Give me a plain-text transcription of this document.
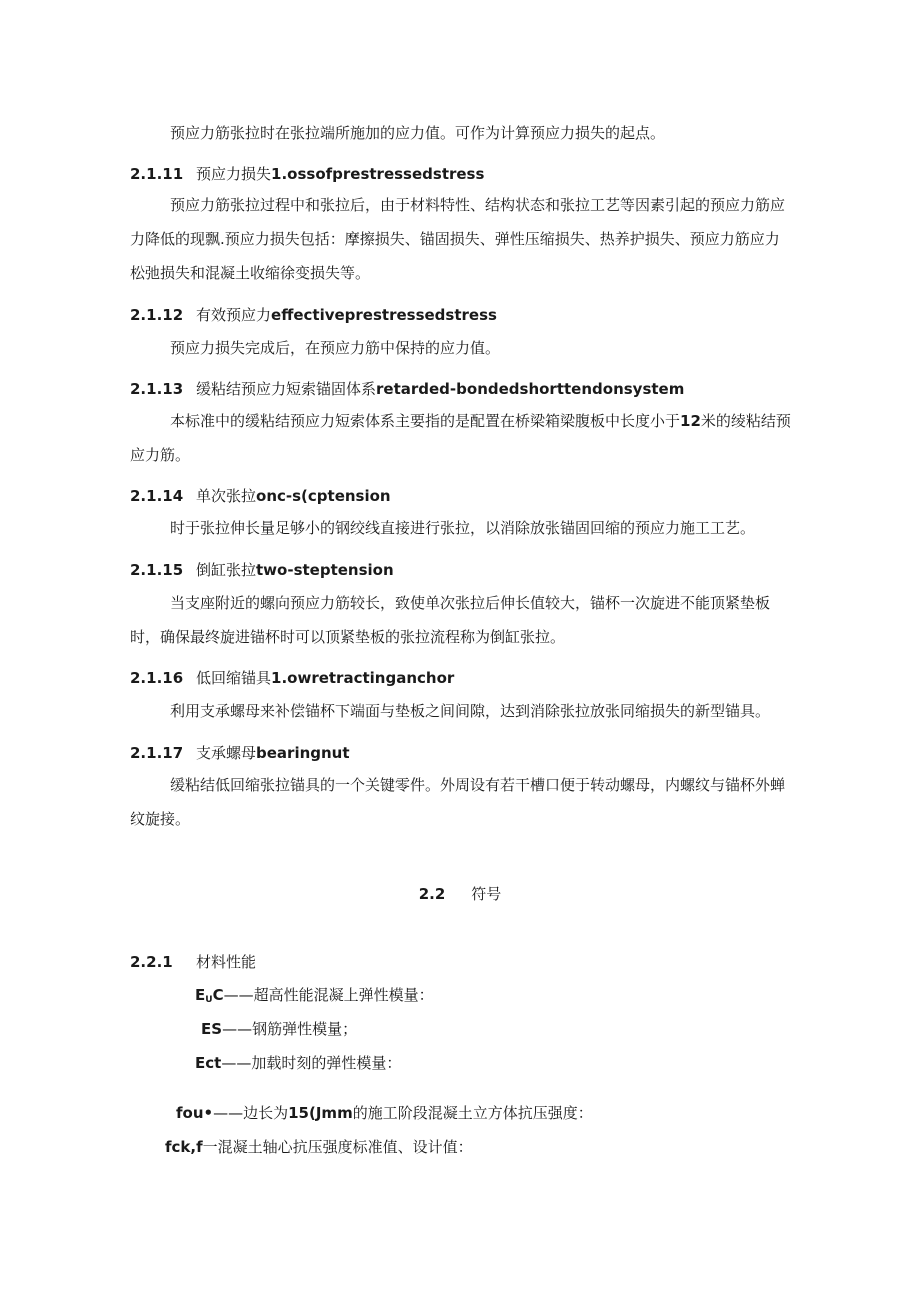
预应力筋张拉时在张拉端所施加的应力值。可作为计算预应力损失的起点。

2.1.11 预应力损失1.ossofprestressedstress

预应力筋张拉过程中和张拉后，由于材料特性、结构状态和张拉工艺等因素引起的预应力筋应力降低的现飘.预应力损失包括：摩擦损失、锚固损失、弹性压缩损失、热养护损失、预应力筋应力松弛损失和混凝土收缩徐变损失等。

2.1.12 有效预应力effectiveprestressedstress

预应力损失完成后，在预应力筋中保持的应力值。

2.1.13 缓粘结预应力短索锚固体系retarded-bondedshorttendonsystem

本标准中的缓粘结预应力短索体系主要指的是配置在桥梁箱梁腹板中长度小于12米的绫粘结预应力筋。

2.1.14 单次张拉onc-s(cptension

时于张拉伸长量足够小的钢绞线直接进行张拉，以消除放张锚固回缩的预应力施工工艺。

2.1.15 倒缸张拉two-steptension

当支座附近的螺向预应力筋较长，致使单次张拉后伸长值较大，锚杯一次旋进不能顶紧垫板时，确保最终旋进锚杯时可以顶紧垫板的张拉流程称为倒缸张拉。

2.1.16 低回缩锚具1.owretractinganchor

利用支承螺母来补偿锚杯下端面与垫板之间间隙，达到消除张拉放张同缩损失的新型锚具。

2.1.17 支承螺母bearingnut

缓粘结低回缩张拉锚具的一个关键零件。外周设有若干槽口便于转动螺母，内螺纹与锚杯外蝉纹旋接。

2.2 符号
2.2.1 材料性能
$E_UC——$超高性能混凝上弹性模量：
ES——钢筋弹性模量；
Ect——加载时刻的弹性模量：
fou•——边长为15(Jmm的施工阶段混凝土立方体抗压强度：
fck,f一混凝土轴心抗压强度标准值、设计值：
